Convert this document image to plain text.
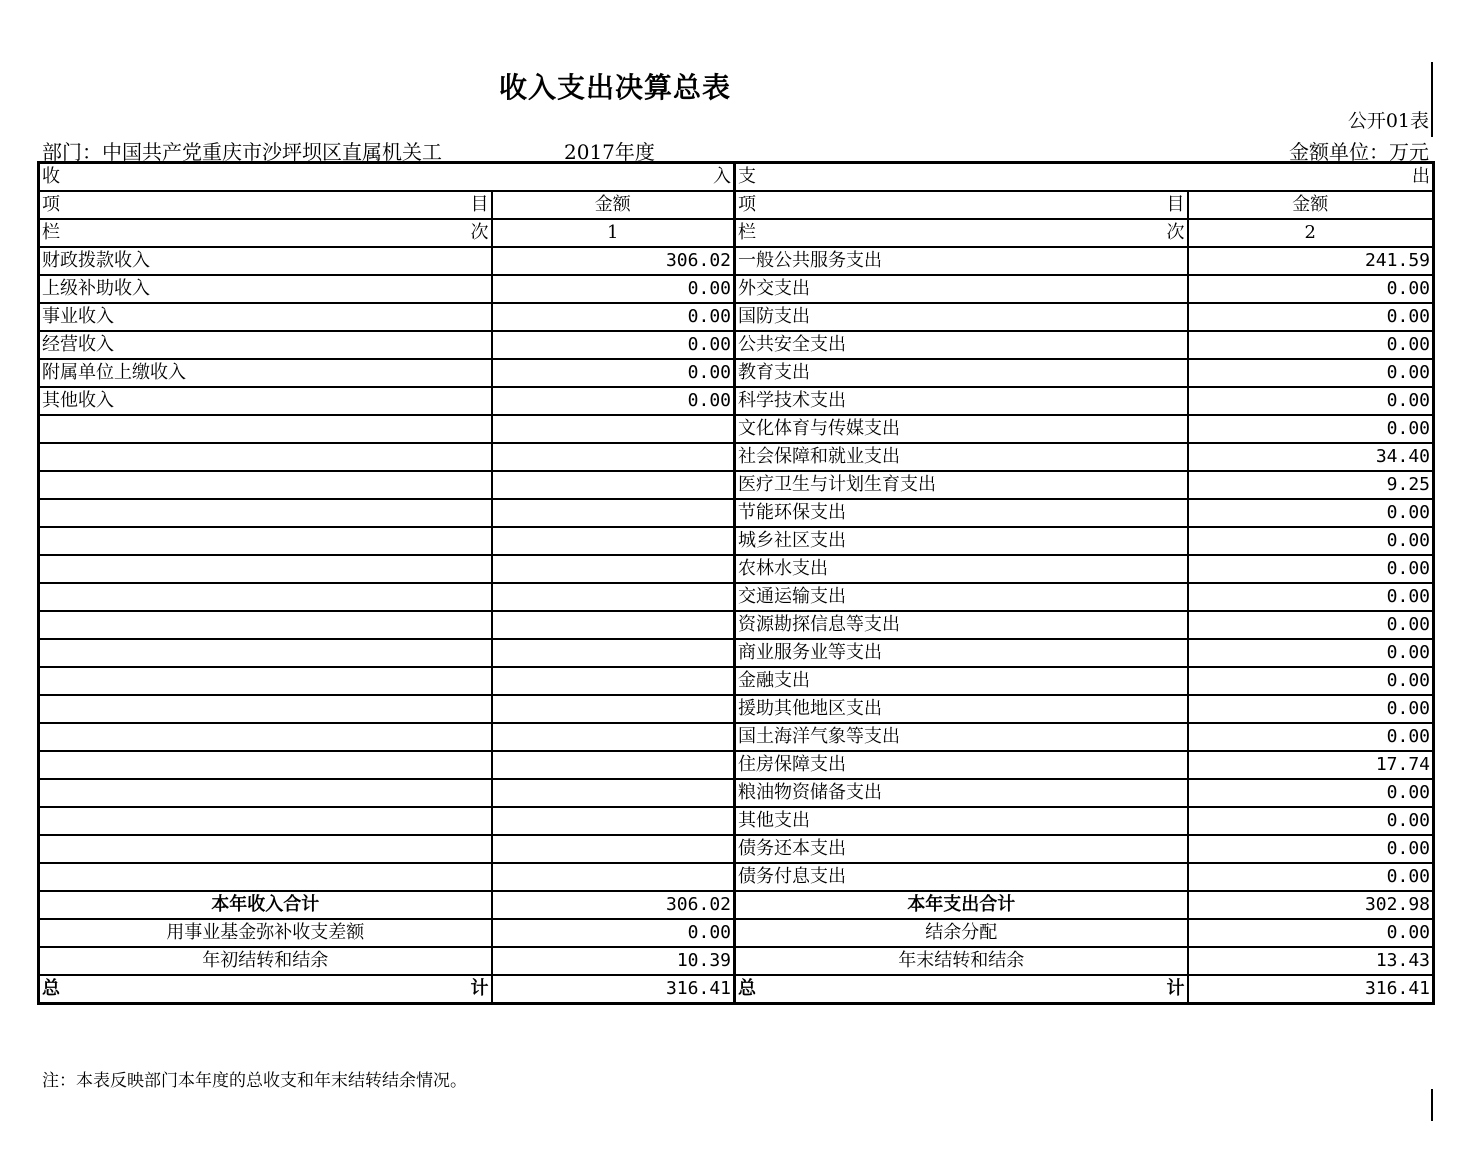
收入支出决算总表
公开01表
部门：中国共产党重庆市沙坪坝区直属机关工	2017年度	金额单位：万元
收 入		支 出	

项 目	金额	项 目	金额

栏 次	1	栏 次	2
财政拨款收入	306.02	一般公共服务支出	241.59
上级补助收入	0.00	外交支出	0.00
事业收入	0.00	国防支出	0.00
经营收入	0.00	公共安全支出	0.00
附属单位上缴收入	0.00	教育支出	0.00
其他收入	0.00	科学技术支出	0.00
		文化体育与传媒支出	0.00
		社会保障和就业支出	34.40
		医疗卫生与计划生育支出	9.25
		节能环保支出	0.00
		城乡社区支出	0.00
		农林水支出	0.00
		交通运输支出	0.00
		资源勘探信息等支出	0.00
		商业服务业等支出	0.00
		金融支出	0.00
		援助其他地区支出	0.00
		国土海洋气象等支出	0.00
		住房保障支出	17.74
		粮油物资储备支出	0.00
		其他支出	0.00
		债务还本支出	0.00
		债务付息支出	0.00
本年收入合计	306.02	本年支出合计	302.98
用事业基金弥补收支差额	0.00	结余分配	0.00
年初结转和结余	10.39	年末结转和结余	13.43

总 计	316.41	总 计	316.41
注：本表反映部门本年度的总收支和年末结转结余情况。
